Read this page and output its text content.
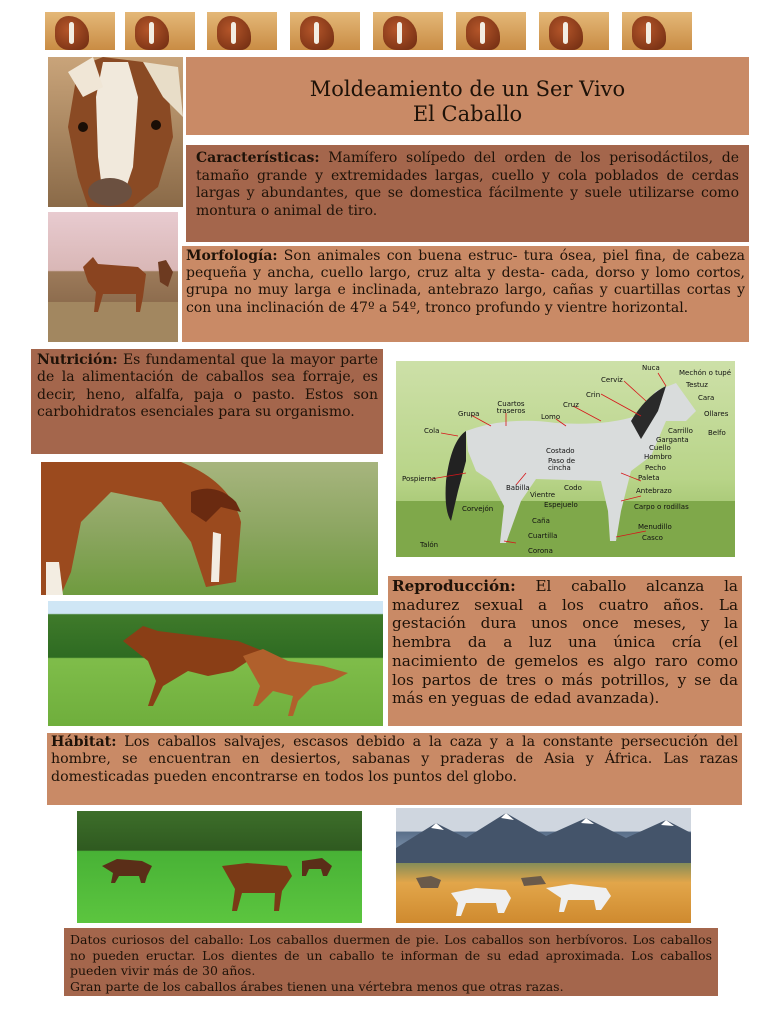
Moldeamiento de un Ser Vivo
El Caballo
Características: Mamífero solípedo del orden de los perisodáctilos, de tamaño grande y extremidades largas, cuello y cola poblados de cerdas largas y abundantes, que se domestica fácilmente y suele utilizarse como montura o animal de tiro.
Morfología: Son animales con buena estruc- tura ósea, piel fina, de cabeza pequeña y ancha, cuello largo, cruz alta y desta- cada, dorso y lomo cortos, grupa no muy larga e inclinada, antebrazo largo, cañas y cuartillas cortas y con una inclinación de 47º a 54º, tronco profundo y vientre horizontal.
Nutrición: Es fundamental que la mayor parte de la alimentación de caballos sea forraje, es decir, heno, alfalfa, paja o pasto. Estos son carbohidratos esenciales para su organismo.
Nuca
Mechón o tupé
Cerviz
Testuz
Crin	Cara
Cuartos traseros
Cruz
Ollares
Grupa	Lomo
Carrillo Belfo
Garganta
Cola
Cuello
Costado
Hombro
Paso de cincha	Pecho
Pospierna
Babilla	Codo
Paleta
Vientre	Antebrazo
Espejuelo
Corvejón	Carpo o rodillas
Caña
Menudillo
Cuartilla	Casco
Talón
Corona
Reproducción: El caballo alcanza la madurez sexual a los cuatro años. La gestación dura unos once meses, y la hembra da a luz una única cría (el nacimiento de gemelos es algo raro como los partos de tres o más potrillos, y se da más en yeguas de edad avanzada).
Hábitat: Los caballos salvajes, escasos debido a la caza y a la constante persecución del hombre, se encuentran en desiertos, sabanas y praderas de Asia y África. Las razas domesticadas pueden encontrarse en todos los puntos del globo.
Datos curiosos del caballo: Los caballos duermen de pie. Los caballos son herbívoros. Los caballos no pueden eructar. Los dientes de un caballo te informan de su edad aproximada. Los caballos pueden vivir más de 30 años.
Gran parte de los caballos árabes tienen una vértebra menos que otras razas.
